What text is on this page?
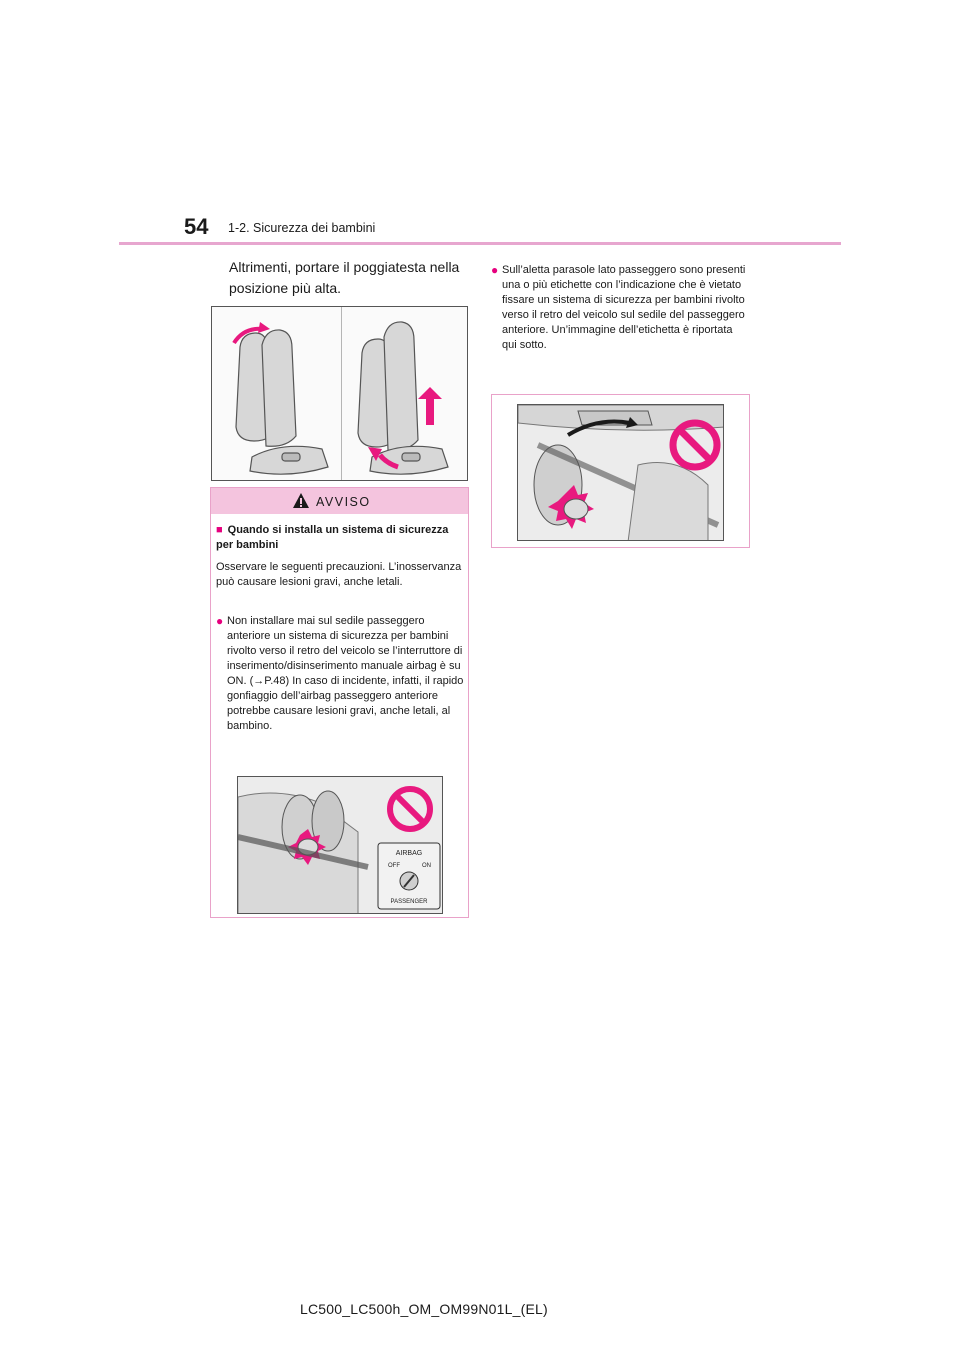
54 1-2. Sicurezza dei bambini
Altrimenti, portare il poggiatesta nella posizione più alta.
AVVISO
■ Quando si installa un sistema di sicurezza per bambini
Osservare le seguenti precauzioni. L’inosservanza può causare lesioni gravi, anche letali.
● Non installare mai sul sedile passeggero anteriore un sistema di sicurezza per bambini rivolto verso il retro del veicolo se l’interruttore di inserimento/disinserimento manuale airbag è su ON. (→P.48) In caso di incidente, infatti, il rapido gonfiaggio dell’airbag passeggero anteriore potrebbe causare lesioni gravi, anche letali, al bambino.
AIRBAG
OFF	ON
PASSENGER
● Sull’aletta parasole lato passeggero sono presenti una o più etichette con l’indicazione che è vietato fissare un sistema di sicurezza per bambini rivolto verso il retro del veicolo sul sedile del passeggero anteriore. Un’immagine dell’etichetta è riportata qui sotto.
LC500_LC500h_OM_OM99N01L_(EL)
